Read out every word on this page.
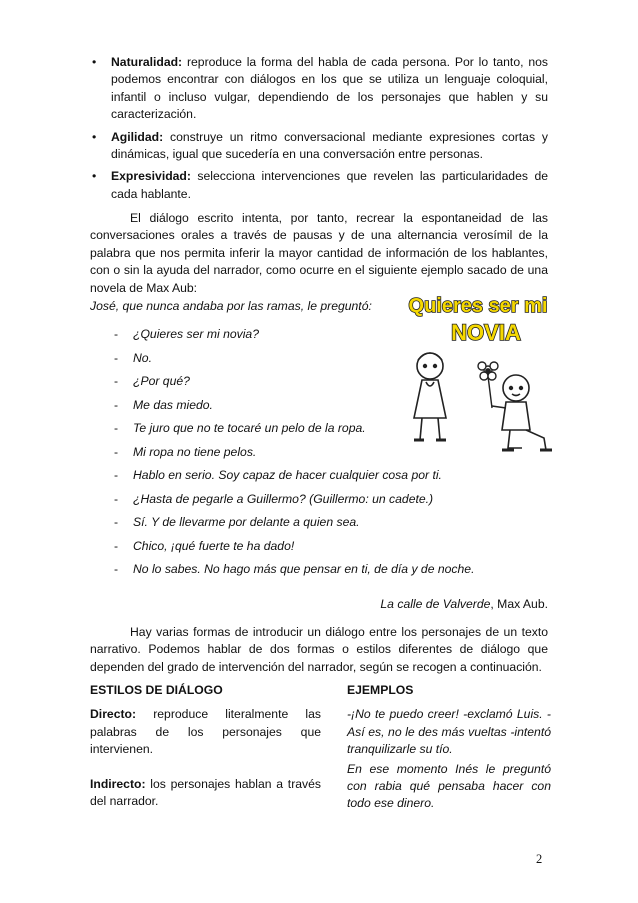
• Naturalidad: reproduce la forma del habla de cada persona. Por lo tanto, nos podemos encontrar con diálogos en los que se utiliza un lenguaje coloquial, infantil o incluso vulgar, dependiendo de los personajes que hablen y su caracterización.
• Agilidad: construye un ritmo conversacional mediante expresiones cortas y dinámicas, igual que sucedería en una conversación entre personas.
• Expresividad: selecciona intervenciones que revelen las particularidades de cada hablante.

El diálogo escrito intenta, por tanto, recrear la espontaneidad de las conversaciones orales a través de pausas y de una alternancia verosímil de la palabra que nos permita inferir la mayor cantidad de información de los hablantes, con o sin la ayuda del narrador, como ocurre en el siguiente ejemplo sacado de una novela de Max Aub:

José, que nunca andaba por las ramas, le preguntó:

- ¿Quieres ser mi novia?
- No.
- ¿Por qué?
- Me das miedo.
- Te juro que no te tocaré un pelo de la ropa.
- Mi ropa no tiene pelos.
- Hablo en serio. Soy capaz de hacer cualquier cosa por ti.
- ¿Hasta de pegarle a Guillermo? (Guillermo: un cadete.)
- Sí. Y de llevarme por delante a quien sea.
- Chico, ¡qué fuerte te ha dado!
- No lo sabes. No hago más que pensar en ti, de día y de noche.
Quieres ser mi
NOVIA

La calle de Valverde, Max Aub.

Hay varias formas de introducir un diálogo entre los personajes de un texto narrativo. Podemos hablar de dos formas o estilos diferentes de diálogo que dependen del grado de intervención del narrador, según se recogen a continuación.

ESTILOS DE DIÁLOGO

Directo: reproduce literalmente las palabras de los personajes que intervienen.

Indirecto: los personajes hablan a través del narrador.

EJEMPLOS

-¡No te puedo creer! -exclamó Luis. -Así es, no le des más vueltas -intentó tranquilizarle su tío.

En ese momento Inés le preguntó con rabia qué pensaba hacer con todo ese dinero.

2
